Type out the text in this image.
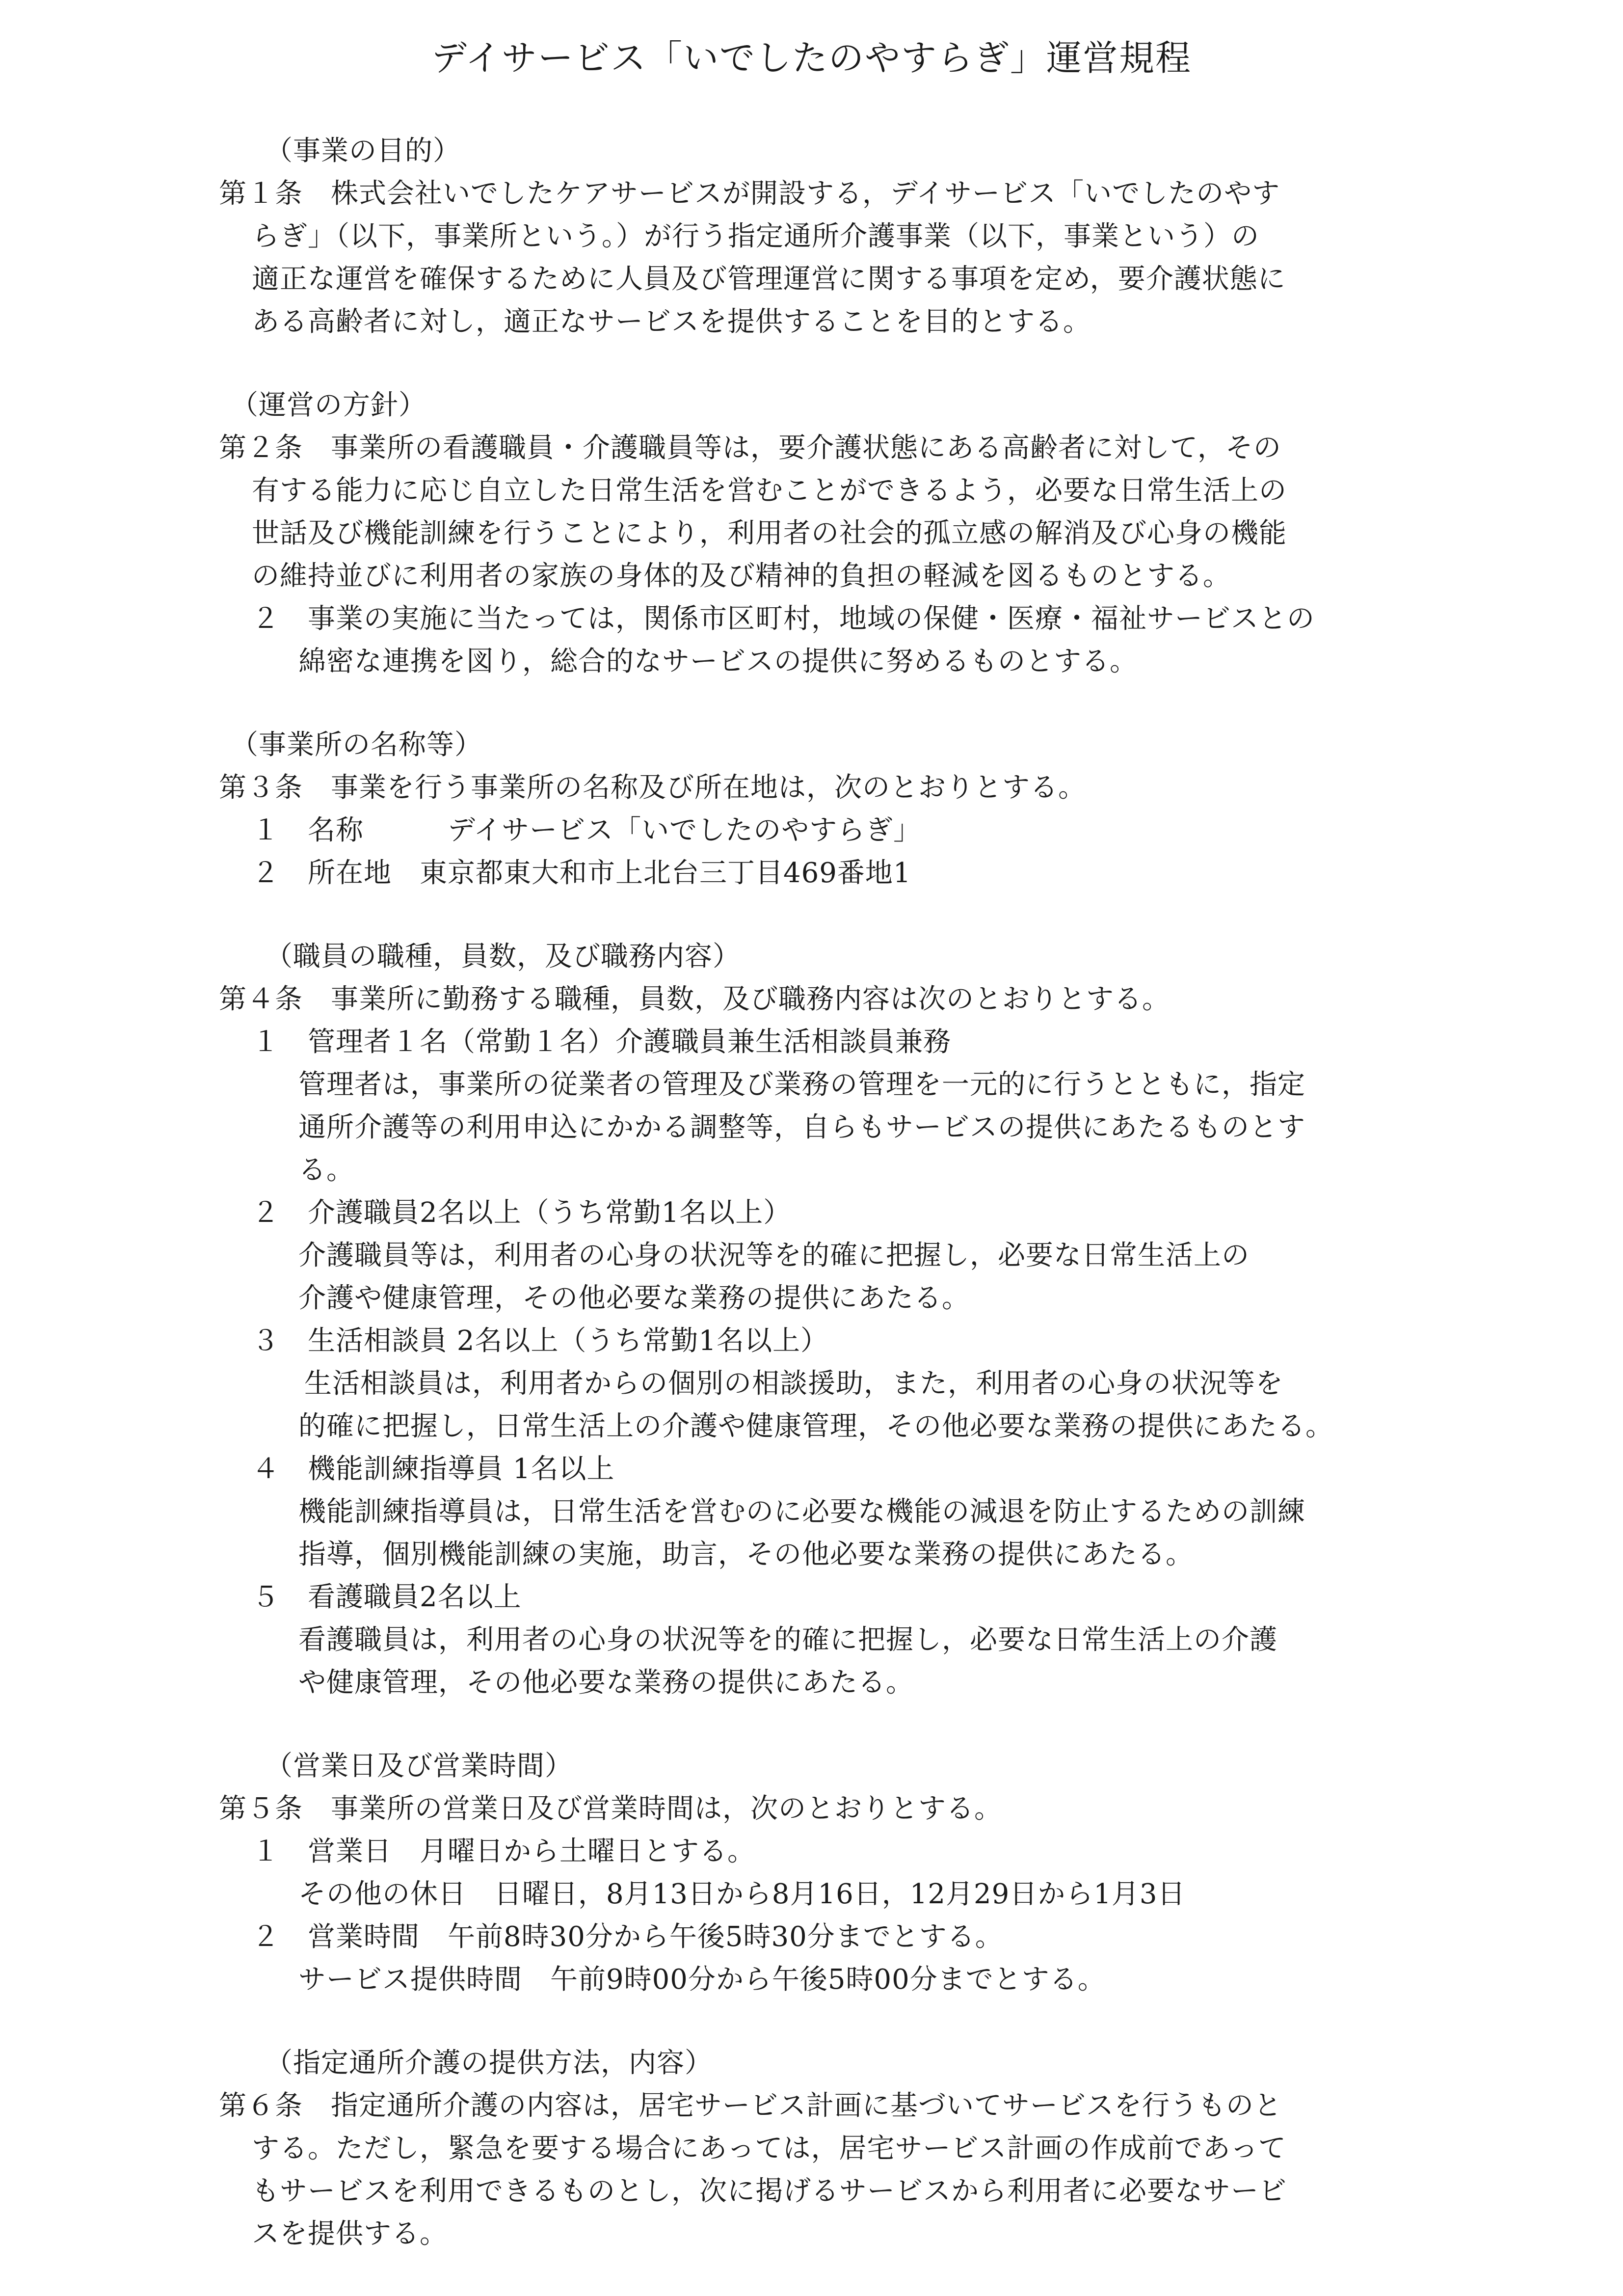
デイサービス「いでしたのやすらぎ」運営規程
（事業の目的）
第１条　株式会社いでしたケアサービスが開設する，デイサービス「いでしたのやす
らぎ」（以下，事業所という。）が行う指定通所介護事業（以下，事業という）の
適正な運営を確保するために人員及び管理運営に関する事項を定め，要介護状態に
ある高齢者に対し，適正なサービスを提供することを目的とする。
（運営の方針）
第２条　事業所の看護職員・介護職員等は，要介護状態にある高齢者に対して，その
有する能力に応じ自立した日常生活を営むことができるよう，必要な日常生活上の
世話及び機能訓練を行うことにより，利用者の社会的孤立感の解消及び心身の機能
の維持並びに利用者の家族の身体的及び精神的負担の軽減を図るものとする。
２　事業の実施に当たっては，関係市区町村，地域の保健・医療・福祉サービスとの
綿密な連携を図り，総合的なサービスの提供に努めるものとする。
（事業所の名称等）
第３条　事業を行う事業所の名称及び所在地は，次のとおりとする。
１　名称　　　デイサービス「いでしたのやすらぎ」
２　所在地　東京都東大和市上北台三丁目469番地1
（職員の職種，員数，及び職務内容）
第４条　事業所に勤務する職種，員数，及び職務内容は次のとおりとする。
１　管理者１名（常勤１名）介護職員兼生活相談員兼務
管理者は，事業所の従業者の管理及び業務の管理を一元的に行うとともに，指定
通所介護等の利用申込にかかる調整等，自らもサービスの提供にあたるものとす
る。
２　介護職員2名以上（うち常勤1名以上）
介護職員等は，利用者の心身の状況等を的確に把握し，必要な日常生活上の
介護や健康管理，その他必要な業務の提供にあたる。
３　生活相談員 2名以上（うち常勤1名以上）
生活相談員は，利用者からの個別の相談援助，また，利用者の心身の状況等を
的確に把握し，日常生活上の介護や健康管理，その他必要な業務の提供にあたる。
４　機能訓練指導員 1名以上
機能訓練指導員は，日常生活を営むのに必要な機能の減退を防止するための訓練
指導，個別機能訓練の実施，助言，その他必要な業務の提供にあたる。
５　看護職員2名以上
看護職員は，利用者の心身の状況等を的確に把握し，必要な日常生活上の介護
や健康管理，その他必要な業務の提供にあたる。
（営業日及び営業時間）
第５条　事業所の営業日及び営業時間は，次のとおりとする。
１　営業日　月曜日から土曜日とする。
その他の休日　日曜日，8月13日から8月16日，12月29日から1月3日
２　営業時間　午前8時30分から午後5時30分までとする。
サービス提供時間　午前9時00分から午後5時00分までとする。
（指定通所介護の提供方法，内容）
第６条　指定通所介護の内容は，居宅サービス計画に基づいてサービスを行うものと
する。ただし，緊急を要する場合にあっては，居宅サービス計画の作成前であって
もサービスを利用できるものとし，次に掲げるサービスから利用者に必要なサービ
スを提供する。
